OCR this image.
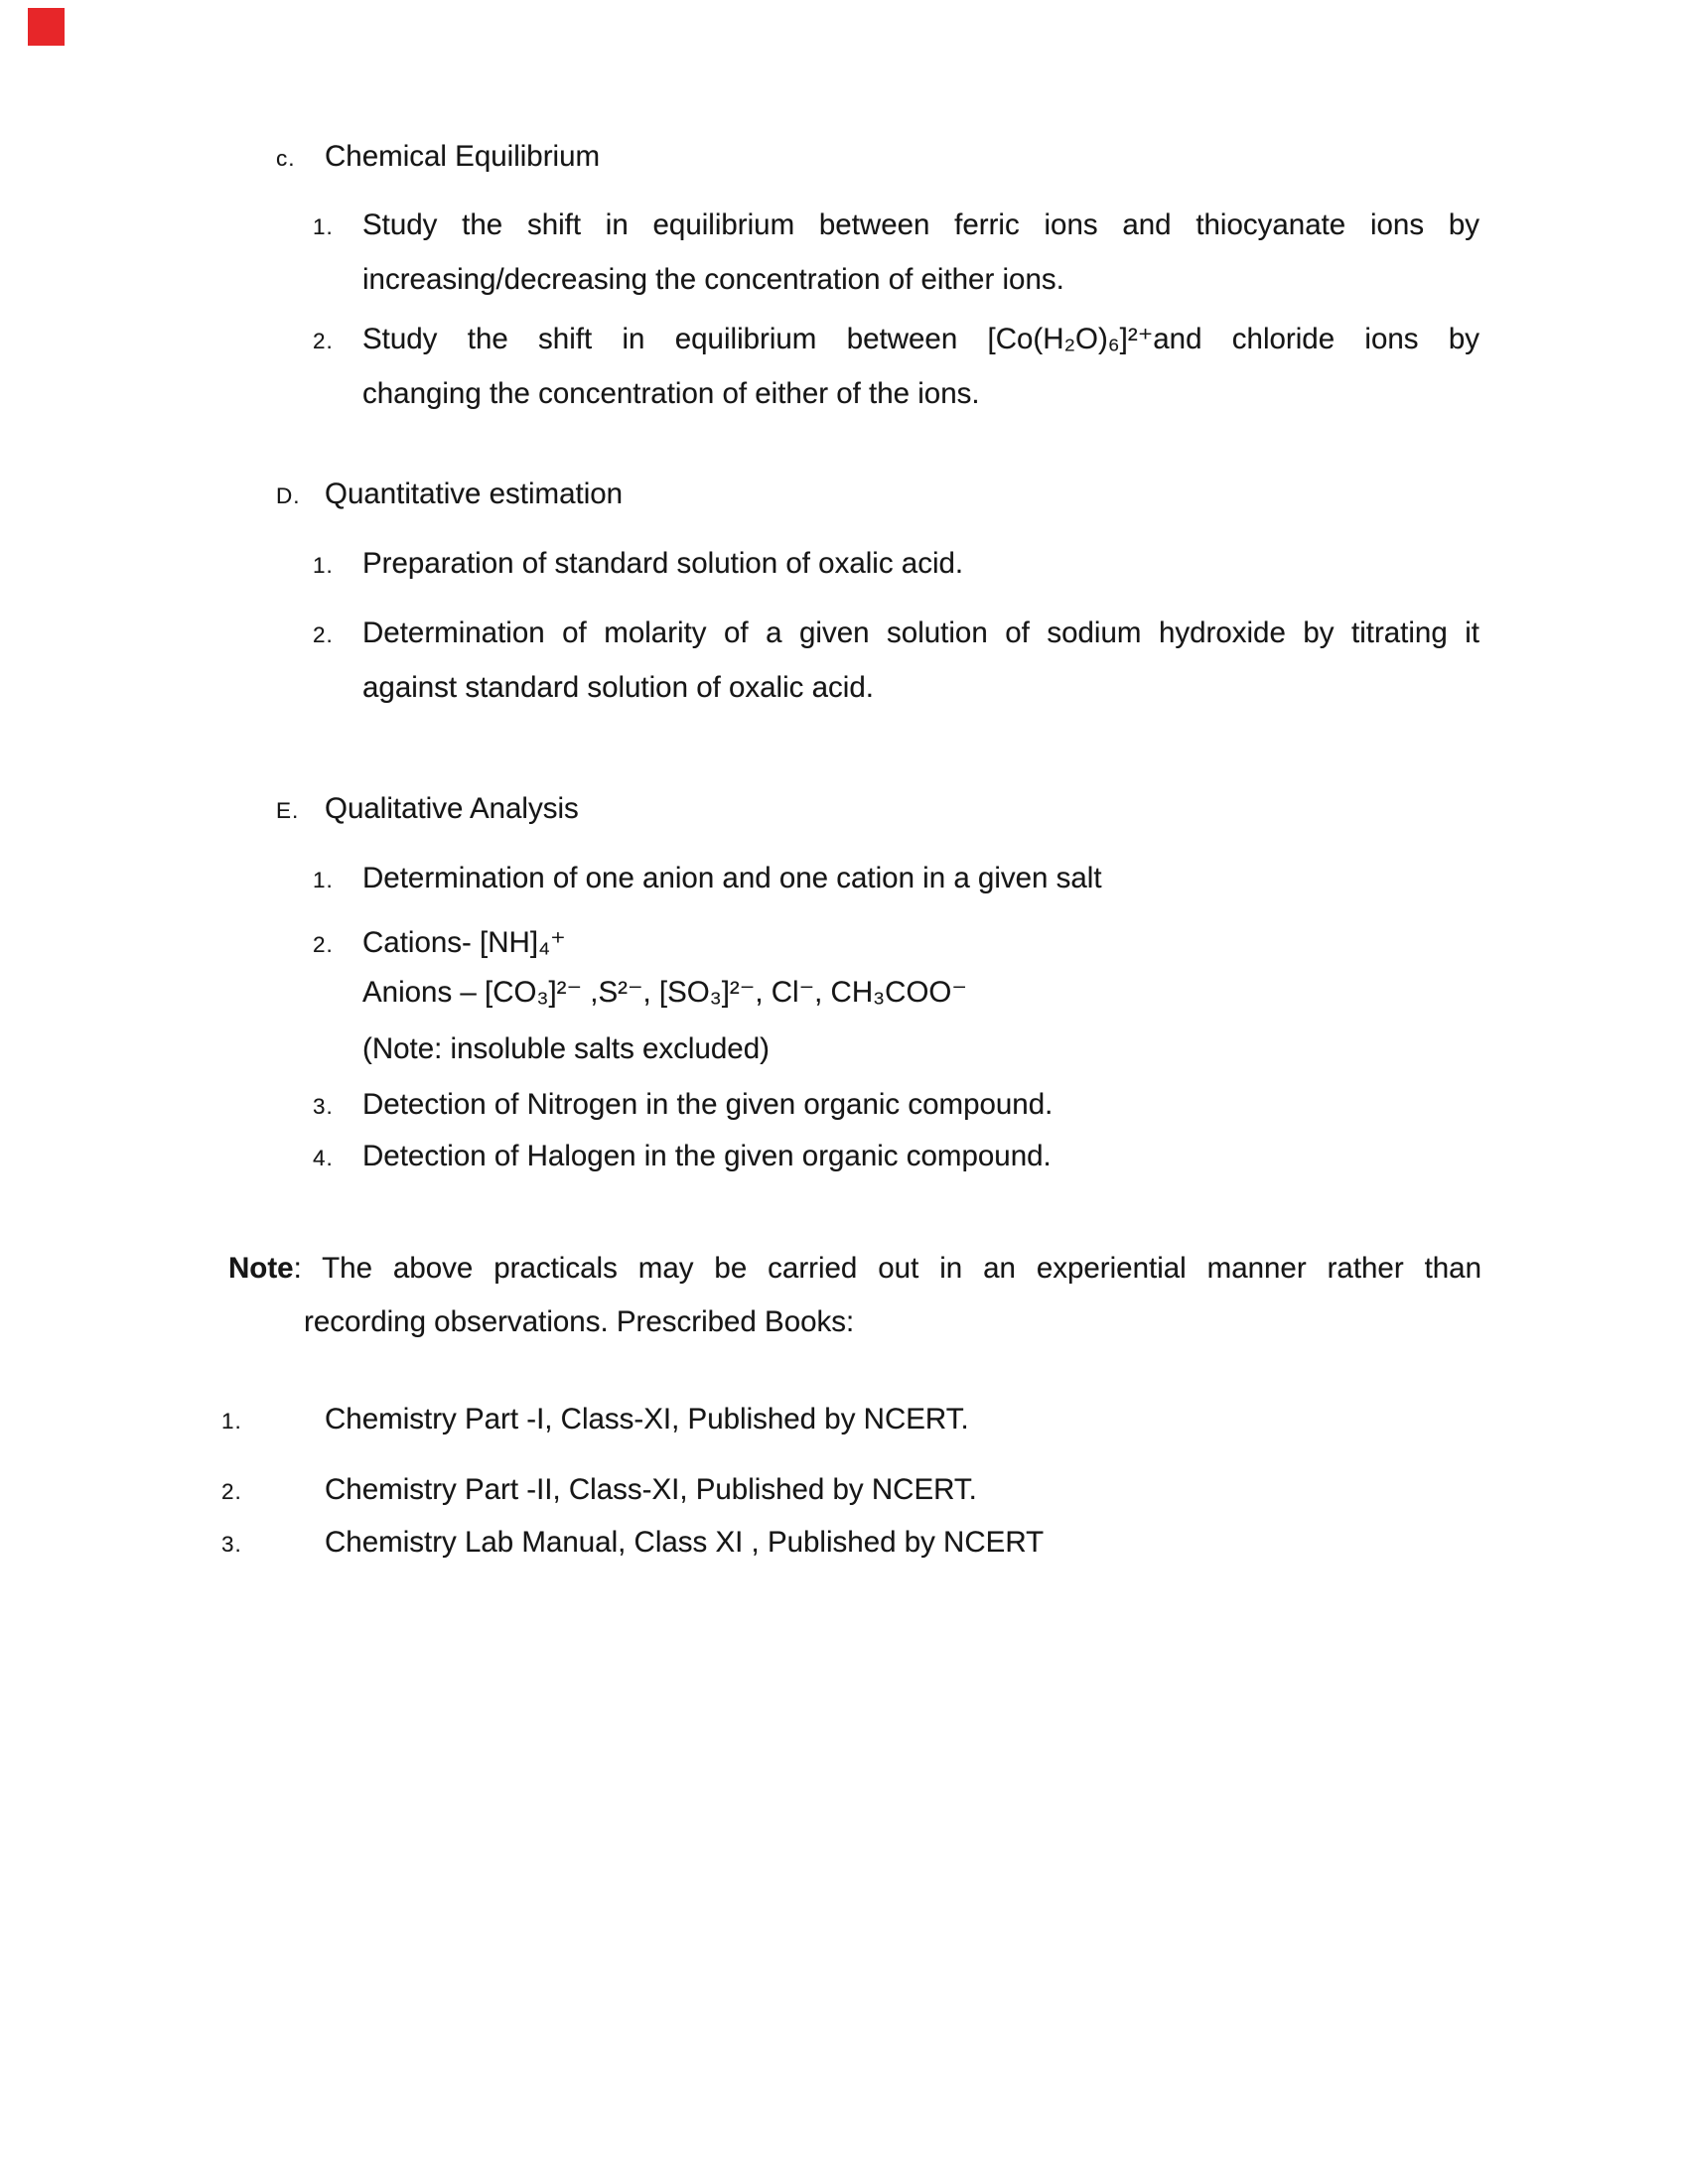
c. Chemical Equilibrium
1. Study the shift in equilibrium between ferric ions and thiocyanate ions by
increasing/decreasing the concentration of either ions.
2. Study the shift in equilibrium between [Co(H₂O)₆]²⁺and chloride ions by
changing the concentration of either of the ions.
D. Quantitative estimation
1. Preparation of standard solution of oxalic acid.
2. Determination of molarity of a given solution of sodium hydroxide by titrating it
against standard solution of oxalic acid.
E. Qualitative Analysis
1. Determination of one anion and one cation in a given salt
2. Cations- [NH]₄⁺
Anions – [CO₃]²⁻ ,S²⁻, [SO₃]²⁻, Cl⁻, CH₃COO⁻
(Note: insoluble salts excluded)
3. Detection of Nitrogen in the given organic compound.
4. Detection of Halogen in the given organic compound.
Note: The above practicals may be carried out in an experiential manner rather than
recording observations. Prescribed Books:
1.	Chemistry Part -I, Class-XI, Published by NCERT.
2.	Chemistry Part -II, Class-XI, Published by NCERT.
3.	Chemistry Lab Manual, Class XI , Published by NCERT
